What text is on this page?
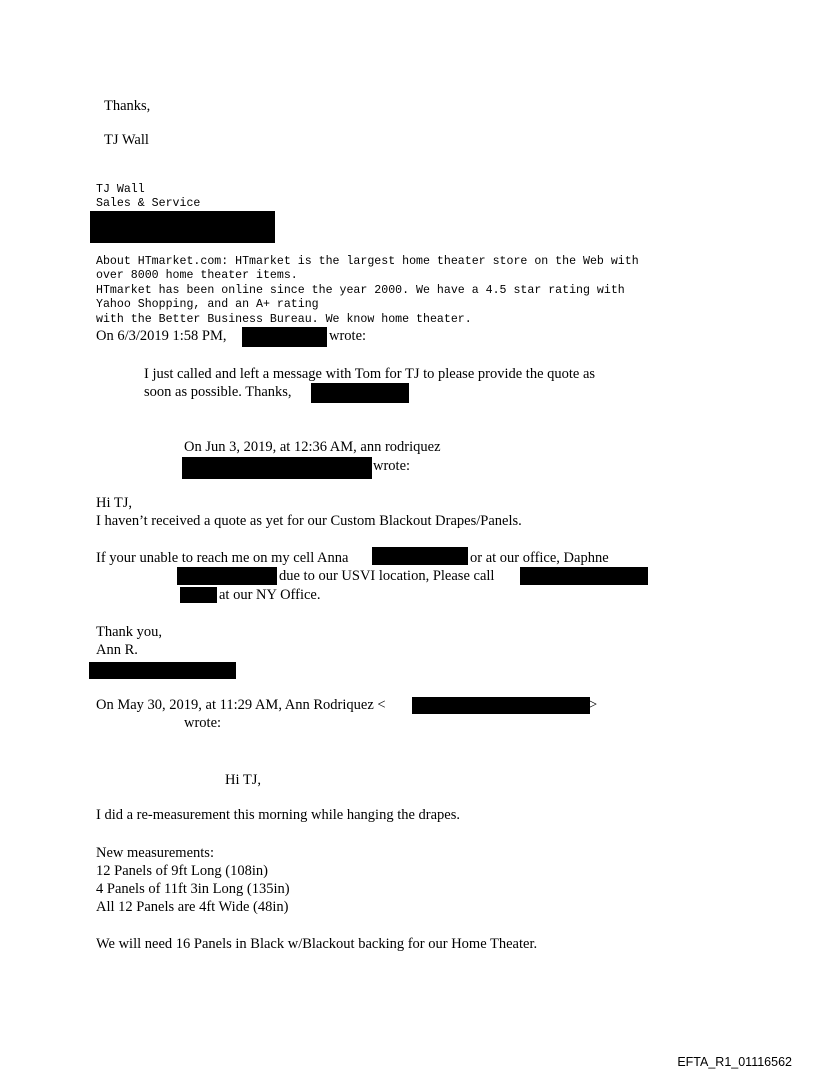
Thanks,
TJ Wall
TJ Wall
Sales & Service
About HTmarket.com: HTmarket is the largest home theater store on the Web with
over 8000 home theater items.
HTmarket has been online since the year 2000. We have a 4.5 star rating with
Yahoo Shopping, and an A+ rating
with the Better Business Bureau. We know home theater.
On 6/3/2019 1:58 PM,	wrote:
I just called and left a message with Tom for TJ to please provide the quote as
soon as possible. Thanks,
On Jun 3, 2019, at 12:36 AM, ann rodriquez
wrote:
Hi TJ,
I haven’t received a quote as yet for our Custom Blackout Drapes/Panels.
If your unable to reach me on my cell Anna	or at our office, Daphne
due to our USVI location, Please call
at our NY Office.
Thank you,
Ann R.
On May 30, 2019, at 11:29 AM, Ann Rodriquez <	>
wrote:
Hi TJ,
I did a re-measurement this morning while hanging the drapes.
New measurements:
12 Panels of 9ft Long (108in)
4 Panels of 11ft 3in Long (135in)
All 12 Panels are 4ft Wide (48in)
We will need 16 Panels in Black w/Blackout backing for our Home Theater.
EFTA_R1_01116562
